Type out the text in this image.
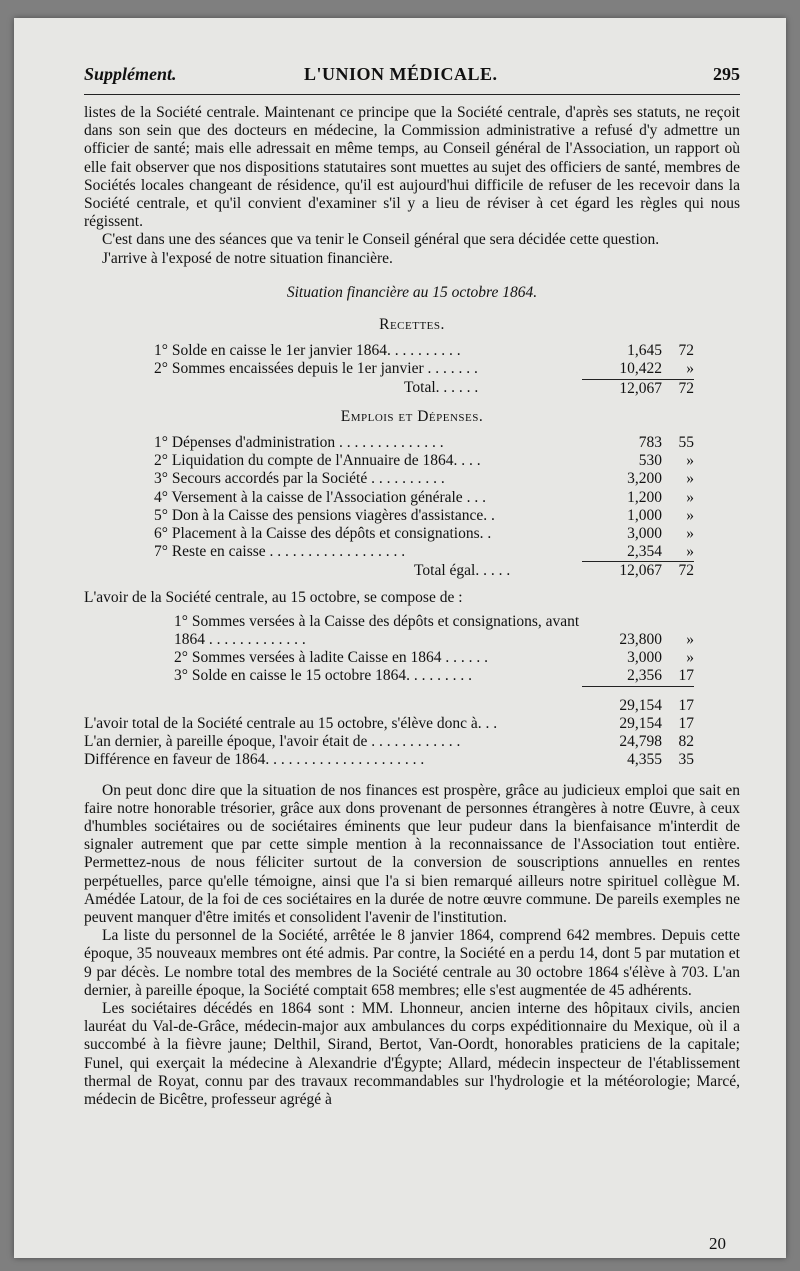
Supplément.	L'UNION MÉDICALE.	295

listes de la Société centrale. Maintenant ce principe que la Société centrale, d'après ses statuts, ne reçoit dans son sein que des docteurs en médecine, la Commission administrative a refusé d'y admettre un officier de santé; mais elle adressait en même temps, au Conseil général de l'Association, un rapport où elle fait observer que nos dispositions statutaires sont muettes au sujet des officiers de santé, membres de Sociétés locales changeant de résidence, qu'il est aujourd'hui difficile de refuser de les recevoir dans la Société centrale, et qu'il convient d'examiner s'il y a lieu de réviser à cet égard les règles qui nous régissent.

C'est dans une des séances que va tenir le Conseil général que sera décidée cette question.

J'arrive à l'exposé de notre situation financière.

Situation financière au 15 octobre 1864.
Recettes.
1° Solde en caisse le 1er janvier 1864. . . . . . . . . .	1,645	72
2° Sommes encaissées depuis le 1er janvier . . . . . . .	10,422	»
Total. . . . . .	12,067	72
Emplois et Dépenses.
1° Dépenses d'administration . . . . . . . . . . . . . .	783	55
2° Liquidation du compte de l'Annuaire de 1864. . . .	530	»
3° Secours accordés par la Société . . . . . . . . . .	3,200	»
4° Versement à la caisse de l'Association générale . . .	1,200	»
5° Don à la Caisse des pensions viagères d'assistance. .	1,000	»
6° Placement à la Caisse des dépôts et consignations. .	3,000	»
7° Reste en caisse . . . . . . . . . . . . . . . . . .	2,354	»
Total égal. . . . .	12,067	72

L'avoir de la Société centrale, au 15 octobre, se compose de :

1° Sommes versées à la Caisse des dépôts et consignations, avant 1864 . . . . . . . . . . . . .	23,800	»
2° Sommes versées à ladite Caisse en 1864 . . . . . .	3,000	»
3° Solde en caisse le 15 octobre 1864. . . . . . . . .	2,356	17
	29,154	17
L'avoir total de la Société centrale au 15 octobre, s'élève donc à. . .	29,154	17
L'an dernier, à pareille époque, l'avoir était de . . . . . . . . . . . .	24,798	82
Différence en faveur de 1864. . . . . . . . . . . . . . . . . . . . .	4,355	35

On peut donc dire que la situation de nos finances est prospère, grâce au judicieux emploi que sait en faire notre honorable trésorier, grâce aux dons provenant de personnes étrangères à notre Œuvre, à ceux d'humbles sociétaires ou de sociétaires éminents que leur pudeur dans la bienfaisance m'interdit de signaler autrement que par cette simple mention à la reconnaissance de l'Association tout entière. Permettez-nous de nous féliciter surtout de la conversion de souscriptions annuelles en rentes perpétuelles, parce qu'elle témoigne, ainsi que l'a si bien remarqué ailleurs notre spirituel collègue M. Amédée Latour, de la foi de ces sociétaires en la durée de notre œuvre commune. De pareils exemples ne peuvent manquer d'être imités et consolident l'avenir de l'institution.

La liste du personnel de la Société, arrêtée le 8 janvier 1864, comprend 642 membres. Depuis cette époque, 35 nouveaux membres ont été admis. Par contre, la Société en a perdu 14, dont 5 par mutation et 9 par décès. Le nombre total des membres de la Société centrale au 30 octobre 1864 s'élève à 703. L'an dernier, à pareille époque, la Société comptait 658 membres; elle s'est augmentée de 45 adhérents.

Les sociétaires décédés en 1864 sont : MM. Lhonneur, ancien interne des hôpitaux civils, ancien lauréat du Val-de-Grâce, médecin-major aux ambulances du corps expéditionnaire du Mexique, où il a succombé à la fièvre jaune; Delthil, Sirand, Bertot, Van-Oordt, honorables praticiens de la capitale; Funel, qui exerçait la médecine à Alexandrie d'Égypte; Allard, médecin inspecteur de l'établissement thermal de Royat, connu par des travaux recommandables sur l'hydrologie et la météorologie; Marcé, médecin de Bicêtre, professeur agrégé à

20
